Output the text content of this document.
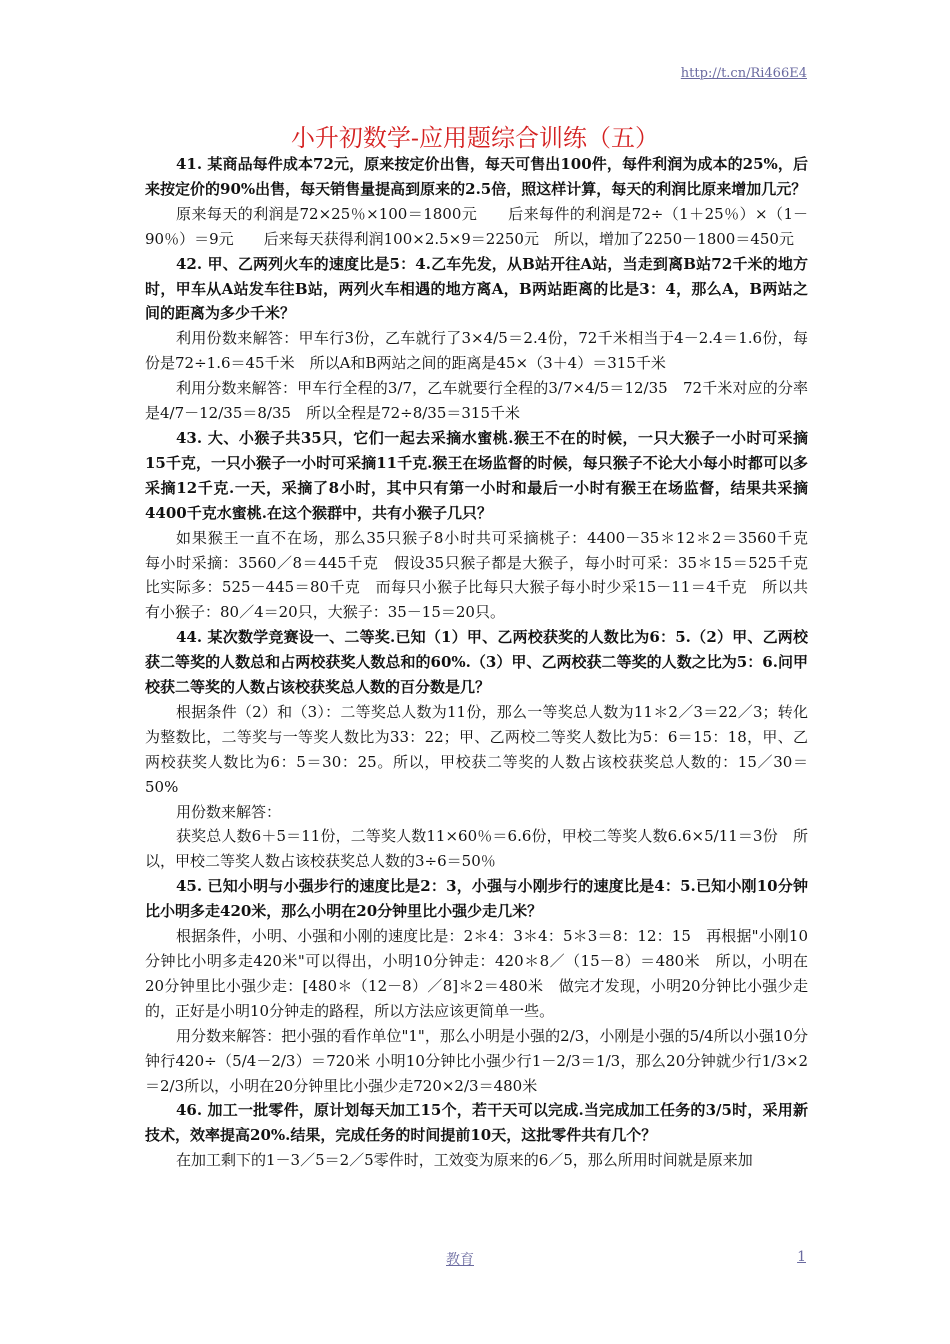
http://t.cn/Ri466E4
小升初数学-应用题综合训练（五）

41. 某商品每件成本72元，原来按定价出售，每天可售出100件，每件利润为成本的25%，后来按定价的90%出售，每天销售量提高到原来的2.5倍，照这样计算，每天的利润比原来增加几元？

原来每天的利润是72×25％×100＝1800元　　后来每件的利润是72÷（1＋25％）×（1－90％）＝9元　　后来每天获得利润100×2.5×9＝2250元　所以，增加了2250－1800＝450元

42. 甲、乙两列火车的速度比是5：4.乙车先发，从B站开往A站，当走到离B站72千米的地方时，甲车从A站发车往B站，两列火车相遇的地方离A，B两站距离的比是3：4，那么A，B两站之间的距离为多少千米？

利用份数来解答：甲车行3份，乙车就行了3×4/5＝2.4份，72千米相当于4－2.4＝1.6份，每份是72÷1.6＝45千米　所以A和B两站之间的距离是45×（3＋4）＝315千米

利用分数来解答：甲车行全程的3/7，乙车就要行全程的3/7×4/5＝12/35　72千米对应的分率是4/7－12/35＝8/35　所以全程是72÷8/35＝315千米

43. 大、小猴子共35只，它们一起去采摘水蜜桃.猴王不在的时候，一只大猴子一小时可采摘15千克，一只小猴子一小时可采摘11千克.猴王在场监督的时候，每只猴子不论大小每小时都可以多采摘12千克.一天，采摘了8小时，其中只有第一小时和最后一小时有猴王在场监督，结果共采摘4400千克水蜜桃.在这个猴群中，共有小猴子几只？

如果猴王一直不在场，那么35只猴子8小时共可采摘桃子：4400－35＊12＊2＝3560千克　每小时采摘：3560／8＝445千克　假设35只猴子都是大猴子，每小时可采：35＊15＝525千克　比实际多：525－445＝80千克　而每只小猴子比每只大猴子每小时少采15－11＝4千克　所以共有小猴子：80／4＝20只，大猴子：35－15＝20只。

44. 某次数学竞赛设一、二等奖.已知（1）甲、乙两校获奖的人数比为6：5.（2）甲、乙两校获二等奖的人数总和占两校获奖人数总和的60%.（3）甲、乙两校获二等奖的人数之比为5：6.问甲校获二等奖的人数占该校获奖总人数的百分数是几？

根据条件（2）和（3）：二等奖总人数为11份，那么一等奖总人数为11＊2／3＝22／3；转化为整数比，二等奖与一等奖人数比为33：22；甲、乙两校二等奖人数比为5：6＝15：18，甲、乙两校获奖人数比为6：5＝30：25。所以，甲校获二等奖的人数占该校获奖总人数的：15／30＝50%

用份数来解答：

获奖总人数6＋5＝11份，二等奖人数11×60％＝6.6份，甲校二等奖人数6.6×5/11＝3份　所以，甲校二等奖人数占该校获奖总人数的3÷6＝50％

45. 已知小明与小强步行的速度比是2：3，小强与小刚步行的速度比是4：5.已知小刚10分钟比小明多走420米，那么小明在20分钟里比小强少走几米？

根据条件，小明、小强和小刚的速度比是：2＊4：3＊4：5＊3＝8：12：15　再根据"小刚10分钟比小明多走420米"可以得出，小明10分钟走：420＊8／（15－8）＝480米　所以，小明在20分钟里比小强少走：[480＊（12－8）／8]＊2＝480米　做完才发现，小明20分钟比小强少走的，正好是小明10分钟走的路程，所以方法应该更简单一些。

用分数来解答：把小强的看作单位"1"，那么小明是小强的2/3，小刚是小强的5/4所以小强10分钟行420÷（5/4－2/3）＝720米 小明10分钟比小强少行1－2/3＝1/3，那么20分钟就少行1/3×2＝2/3所以，小明在20分钟里比小强少走720×2/3＝480米

46. 加工一批零件，原计划每天加工15个，若干天可以完成.当完成加工任务的3/5时，采用新技术，效率提高20%.结果，完成任务的时间提前10天，这批零件共有几个？

在加工剩下的1－3／5＝2／5零件时，工效变为原来的6／5，那么所用时间就是原来加

教育	1
